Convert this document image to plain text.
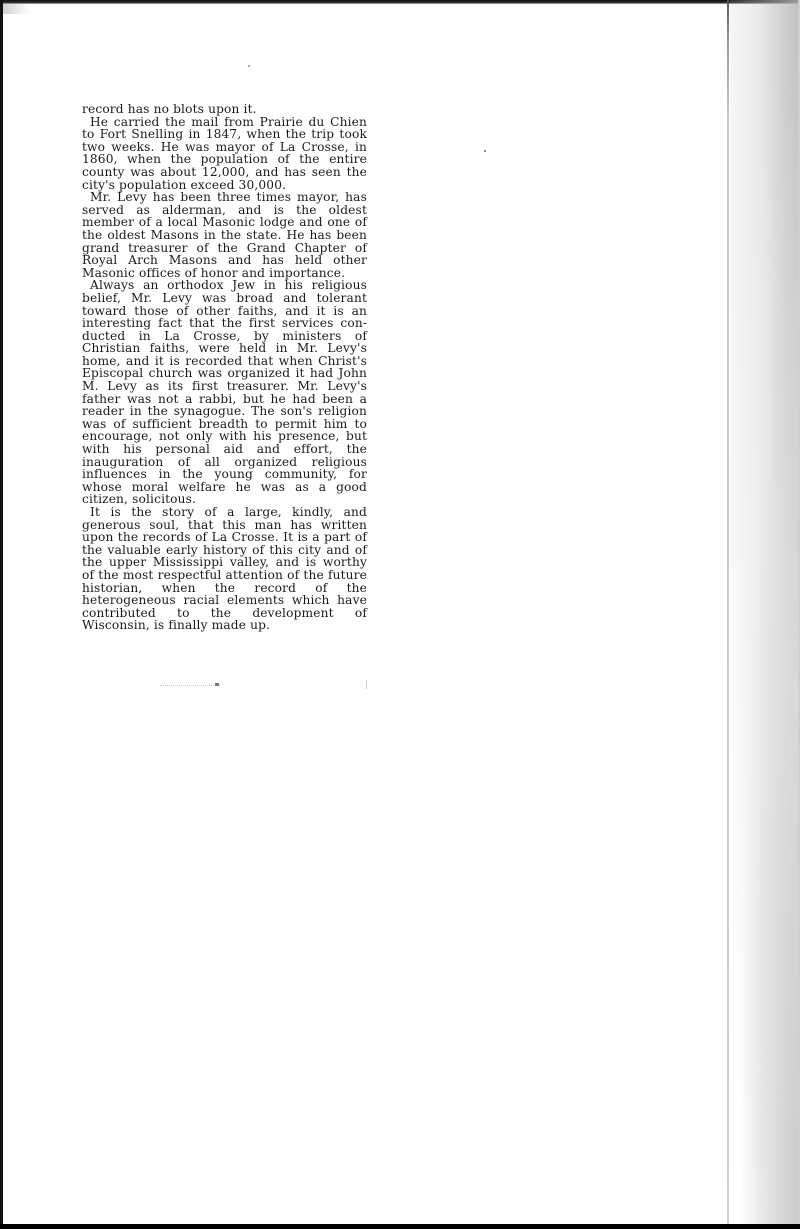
record has no blots upon it.

He carried the mail from Prairie du Chien to Fort Snelling in 1847, when the trip took two weeks. He was mayor of La Crosse, in 1860, when the population of the entire county was about 12,000, and has seen the city's population exceed 30,000.

Mr. Levy has been three times mayor, has served as alderman, and is the oldest member of a local Masonic lodge and one of the oldest Masons in the state. He has been grand treasurer of the Grand Chapter of Royal Arch Masons and has held other Masonic offices of honor and importance.

Always an orthodox Jew in his religious belief, Mr. Levy was broad and tolerant toward those of other faiths, and it is an interesting fact that the first services conducted in La Crosse, by ministers of Christian faiths, were held in Mr. Levy's home, and it is recorded that when Christ's Episcopal church was organized it had John M. Levy as its first treasurer. Mr. Levy's father was not a rabbi, but he had been a reader in the synagogue. The son's religion was of sufficient breadth to permit him to encourage, not only with his presence, but with his personal aid and effort, the inauguration of all organized religious influences in the young community, for whose moral welfare he was as a good citizen, solicitous.

It is the story of a large, kindly, and generous soul, that this man has written upon the records of La Crosse. It is a part of the valuable early history of this city and of the upper Mississippi valley, and is worthy of the most respectful attention of the future historian, when the record of the heterogeneous racial elements which have contributed to the development of Wisconsin, is finally made up.
